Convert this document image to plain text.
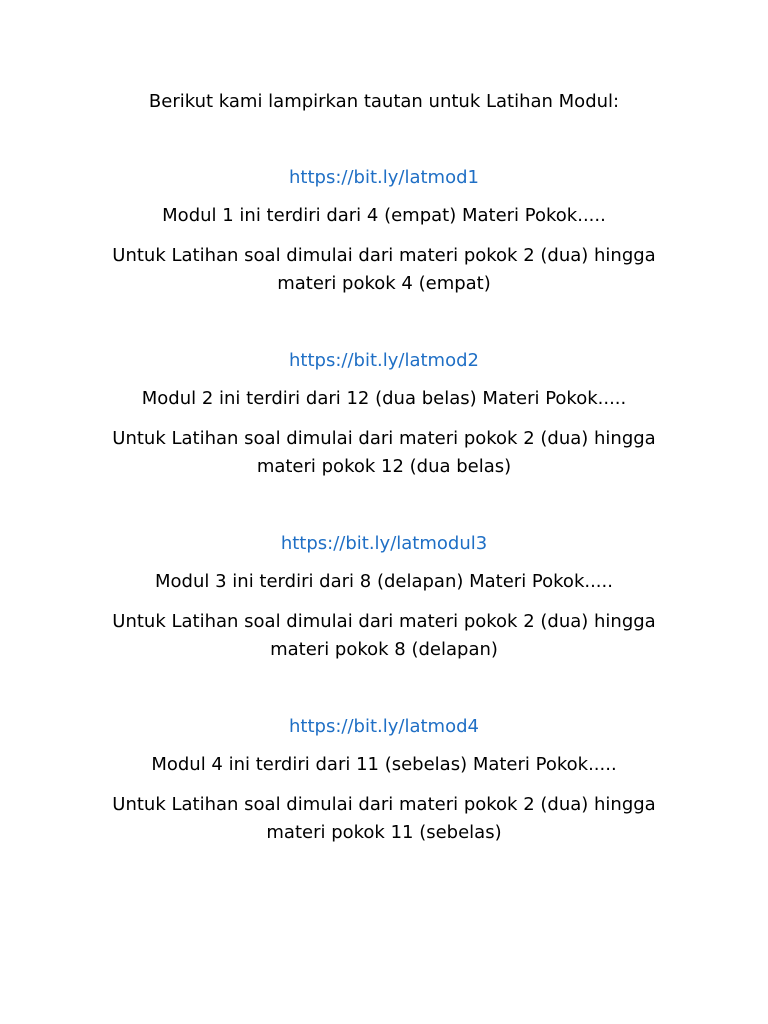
Berikut kami lampirkan tautan untuk Latihan Modul:
https://bit.ly/latmod1
Modul 1 ini terdiri dari 4 (empat) Materi Pokok.....
Untuk Latihan soal dimulai dari materi pokok 2 (dua) hingga materi pokok 4 (empat)
https://bit.ly/latmod2
Modul 2 ini terdiri dari 12 (dua belas) Materi Pokok.....
Untuk Latihan soal dimulai dari materi pokok 2 (dua) hingga materi pokok 12 (dua belas)
https://bit.ly/latmodul3
Modul 3 ini terdiri dari 8 (delapan) Materi Pokok.....
Untuk Latihan soal dimulai dari materi pokok 2 (dua) hingga materi pokok 8 (delapan)
https://bit.ly/latmod4
Modul 4 ini terdiri dari 11 (sebelas) Materi Pokok.....
Untuk Latihan soal dimulai dari materi pokok 2 (dua) hingga materi pokok 11 (sebelas)
